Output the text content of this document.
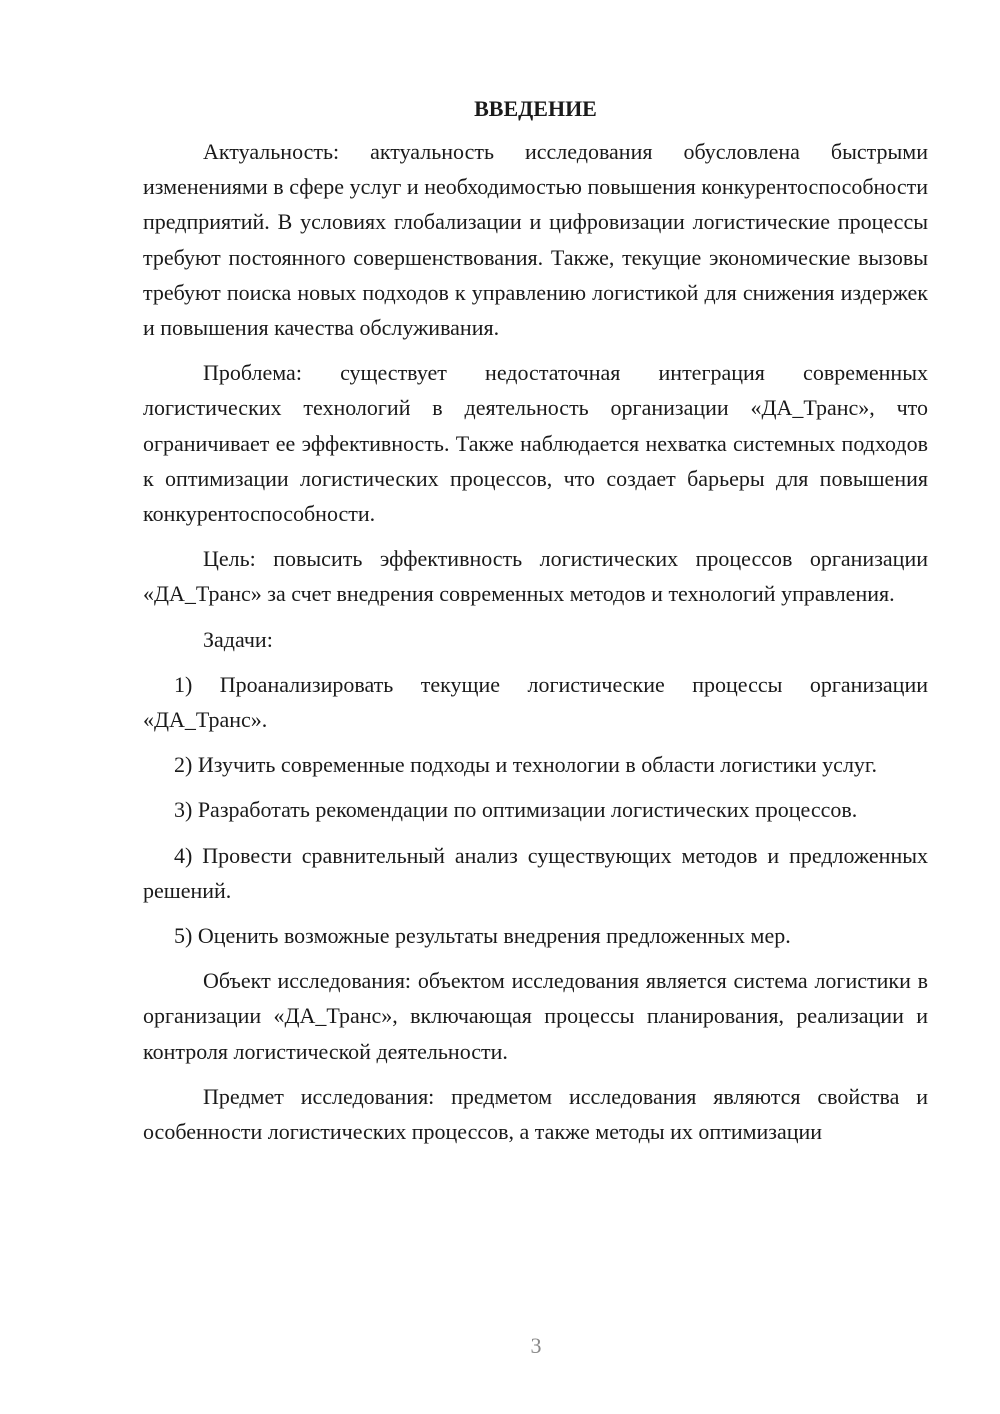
ВВЕДЕНИЕ

Актуальность: актуальность исследования обусловлена быстрыми изменениями в сфере услуг и необходимостью повышения конкурентоспособности предприятий. В условиях глобализации и цифровизации логистические процессы требуют постоянного совершенствования. Также, текущие экономические вызовы требуют поиска новых подходов к управлению логистикой для снижения издержек и повышения качества обслуживания.

Проблема: существует недостаточная интеграция современных логистических технологий в деятельность организации «ДА_Транс», что ограничивает ее эффективность. Также наблюдается нехватка системных подходов к оптимизации логистических процессов, что создает барьеры для повышения конкурентоспособности.

Цель: повысить эффективность логистических процессов организации «ДА_Транс» за счет внедрения современных методов и технологий управления.

Задачи:

1) Проанализировать текущие логистические процессы организации «ДА_Транс».

2) Изучить современные подходы и технологии в области логистики услуг.

3) Разработать рекомендации по оптимизации логистических процессов.

4) Провести сравнительный анализ существующих методов и предложенных решений.

5) Оценить возможные результаты внедрения предложенных мер.

Объект исследования: объектом исследования является система логистики в организации «ДА_Транс», включающая процессы планирования, реализации и контроля логистической деятельности.

Предмет исследования: предметом исследования являются свойства и особенности логистических процессов, а также методы их оптимизации

3
